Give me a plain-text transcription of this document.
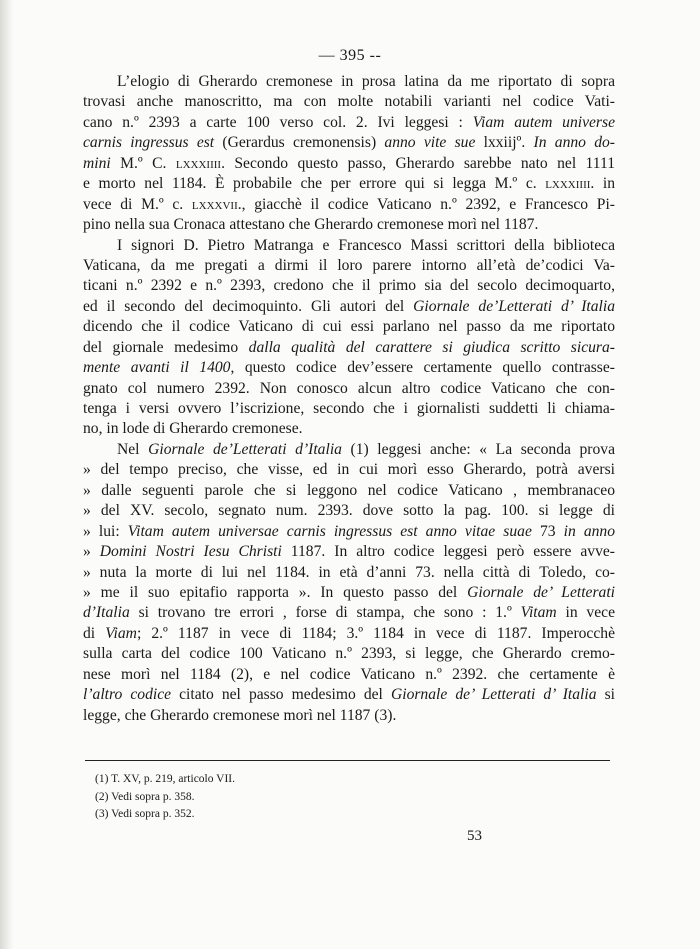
— 395 --
L’elogio di Gherardo cremonese in prosa latina da me riportato di sopra
trovasi anche manoscritto, ma con molte notabili varianti nel codice Vati-
cano n.º 2393 a carte 100 verso col. 2. Ivi leggesi : Viam autem universe
carnis ingressus est (Gerardus cremonensis) anno vite sue lxxiijº. In anno do-
mini M.º C. lxxxiiii. Secondo questo passo, Gherardo sarebbe nato nel 1111
e morto nel 1184. È probabile che per errore qui si legga M.º c. lxxxiiii. in
vece di M.º c. lxxxvii., giacchè il codice Vaticano n.º 2392, e Francesco Pi-
pino nella sua Cronaca attestano che Gherardo cremonese morì nel 1187.
I signori D. Pietro Matranga e Francesco Massi scrittori della biblioteca
Vaticana, da me pregati a dirmi il loro parere intorno all’età de’codici Va-
ticani n.º 2392 e n.º 2393, credono che il primo sia del secolo decimoquarto,
ed il secondo del decimoquinto. Gli autori del Giornale de’Letterati d’ Italia
dicendo che il codice Vaticano di cui essi parlano nel passo da me riportato
del giornale medesimo dalla qualità del carattere si giudica scritto sicura-
mente avanti il 1400, questo codice dev’essere certamente quello contrasse-
gnato col numero 2392. Non conosco alcun altro codice Vaticano che con-
tenga i versi ovvero l’iscrizione, secondo che i giornalisti suddetti li chiama-
no, in lode di Gherardo cremonese.
Nel Giornale de’Letterati d’Italia (1) leggesi anche: « La seconda prova
» del tempo preciso, che visse, ed in cui morì esso Gherardo, potrà aversi
» dalle seguenti parole che si leggono nel codice Vaticano , membranaceo
» del XV. secolo, segnato num. 2393. dove sotto la pag. 100. si legge di
» lui: Vitam autem universae carnis ingressus est anno vitae suae 73 in anno
» Domini Nostri Iesu Christi 1187. In altro codice leggesi però essere avve-
» nuta la morte di lui nel 1184. in età d’anni 73. nella città di Toledo, co-
» me il suo epitafio rapporta ». In questo passo del Giornale de’ Letterati
d’Italia si trovano tre errori , forse di stampa, che sono : 1.º Vitam in vece
di Viam; 2.º 1187 in vece di 1184; 3.º 1184 in vece di 1187. Imperocchè
sulla carta del codice 100 Vaticano n.º 2393, si legge, che Gherardo cremo-
nese morì nel 1184 (2), e nel codice Vaticano n.º 2392. che certamente è
l’altro codice citato nel passo medesimo del Giornale de’ Letterati d’ Italia si
legge, che Gherardo cremonese morì nel 1187 (3).
(1) T. XV, p. 219, articolo VII.
(2) Vedi sopra p. 358.
(3) Vedi sopra p. 352.
53
